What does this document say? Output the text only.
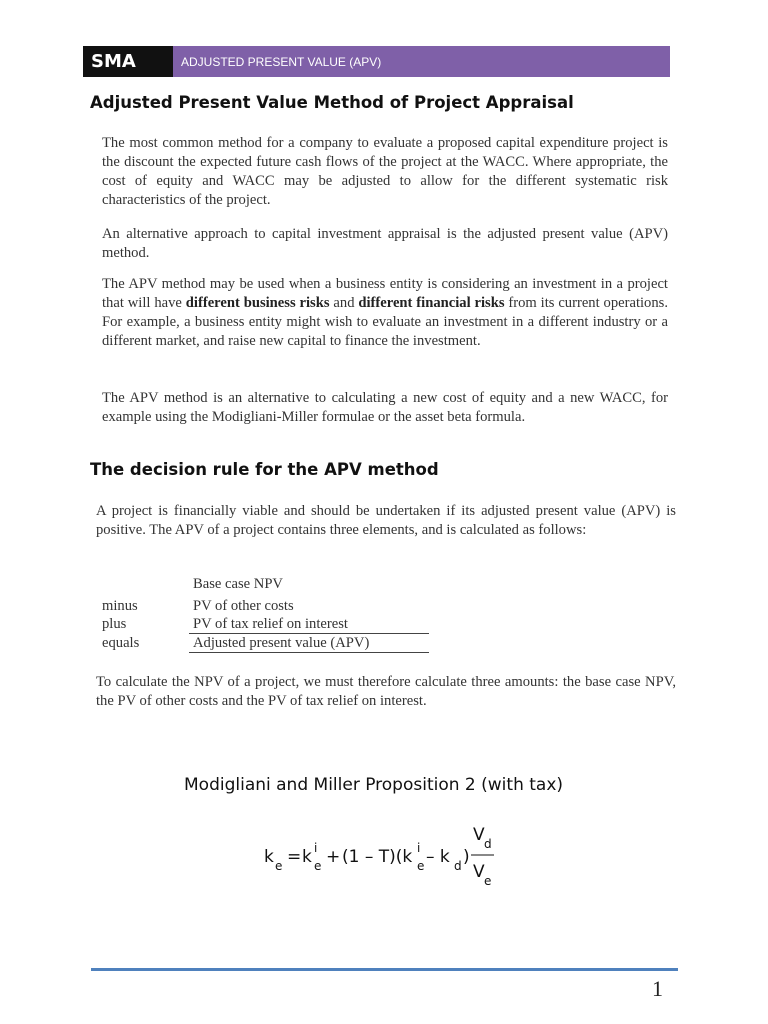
SMA	ADJUSTED PRESENT VALUE (APV)
Adjusted Present Value Method of Project Appraisal

The most common method for a company to evaluate a proposed capital expenditure project is the discount the expected future cash flows of the project at the WACC. Where appropriate, the cost of equity and WACC may be adjusted to allow for the different systematic risk characteristics of the project.

An alternative approach to capital investment appraisal is the adjusted present value (APV) method.

The APV method may be used when a business entity is considering an investment in a project that will have different business risks and different financial risks from its current operations. For example, a business entity might wish to evaluate an investment in a different industry or a different market, and raise new capital to finance the investment.

The APV method is an alternative to calculating a new cost of equity and a new WACC, for example using the Modigliani-Miller formulae or the asset beta formula.

The decision rule for the APV method

A project is financially viable and should be undertaken if its adjusted present value (APV) is positive. The APV of a project contains three elements, and is calculated as follows:

Base case NPV
minus	PV of other costs
plus	PV of tax relief on interest
equals	Adjusted present value (APV)

To calculate the NPV of a project, we must therefore calculate three amounts: the base case NPV, the PV of other costs and the PV of tax relief on interest.

Modigliani and Miller Proposition 2 (with tax)

k e = k i
e + (1 – T)(k i
e – k d )
V d
V e
1
